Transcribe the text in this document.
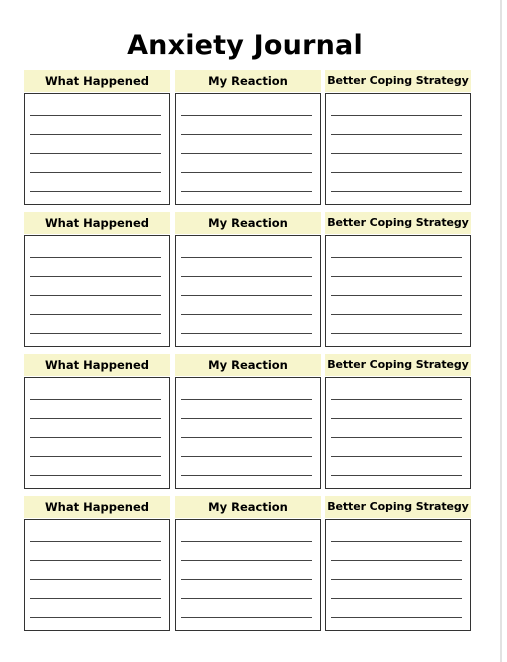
Anxiety Journal
What Happened	My Reaction	Better Coping Strategy
What Happened	My Reaction	Better Coping Strategy
What Happened	My Reaction	Better Coping Strategy
What Happened	My Reaction	Better Coping Strategy
